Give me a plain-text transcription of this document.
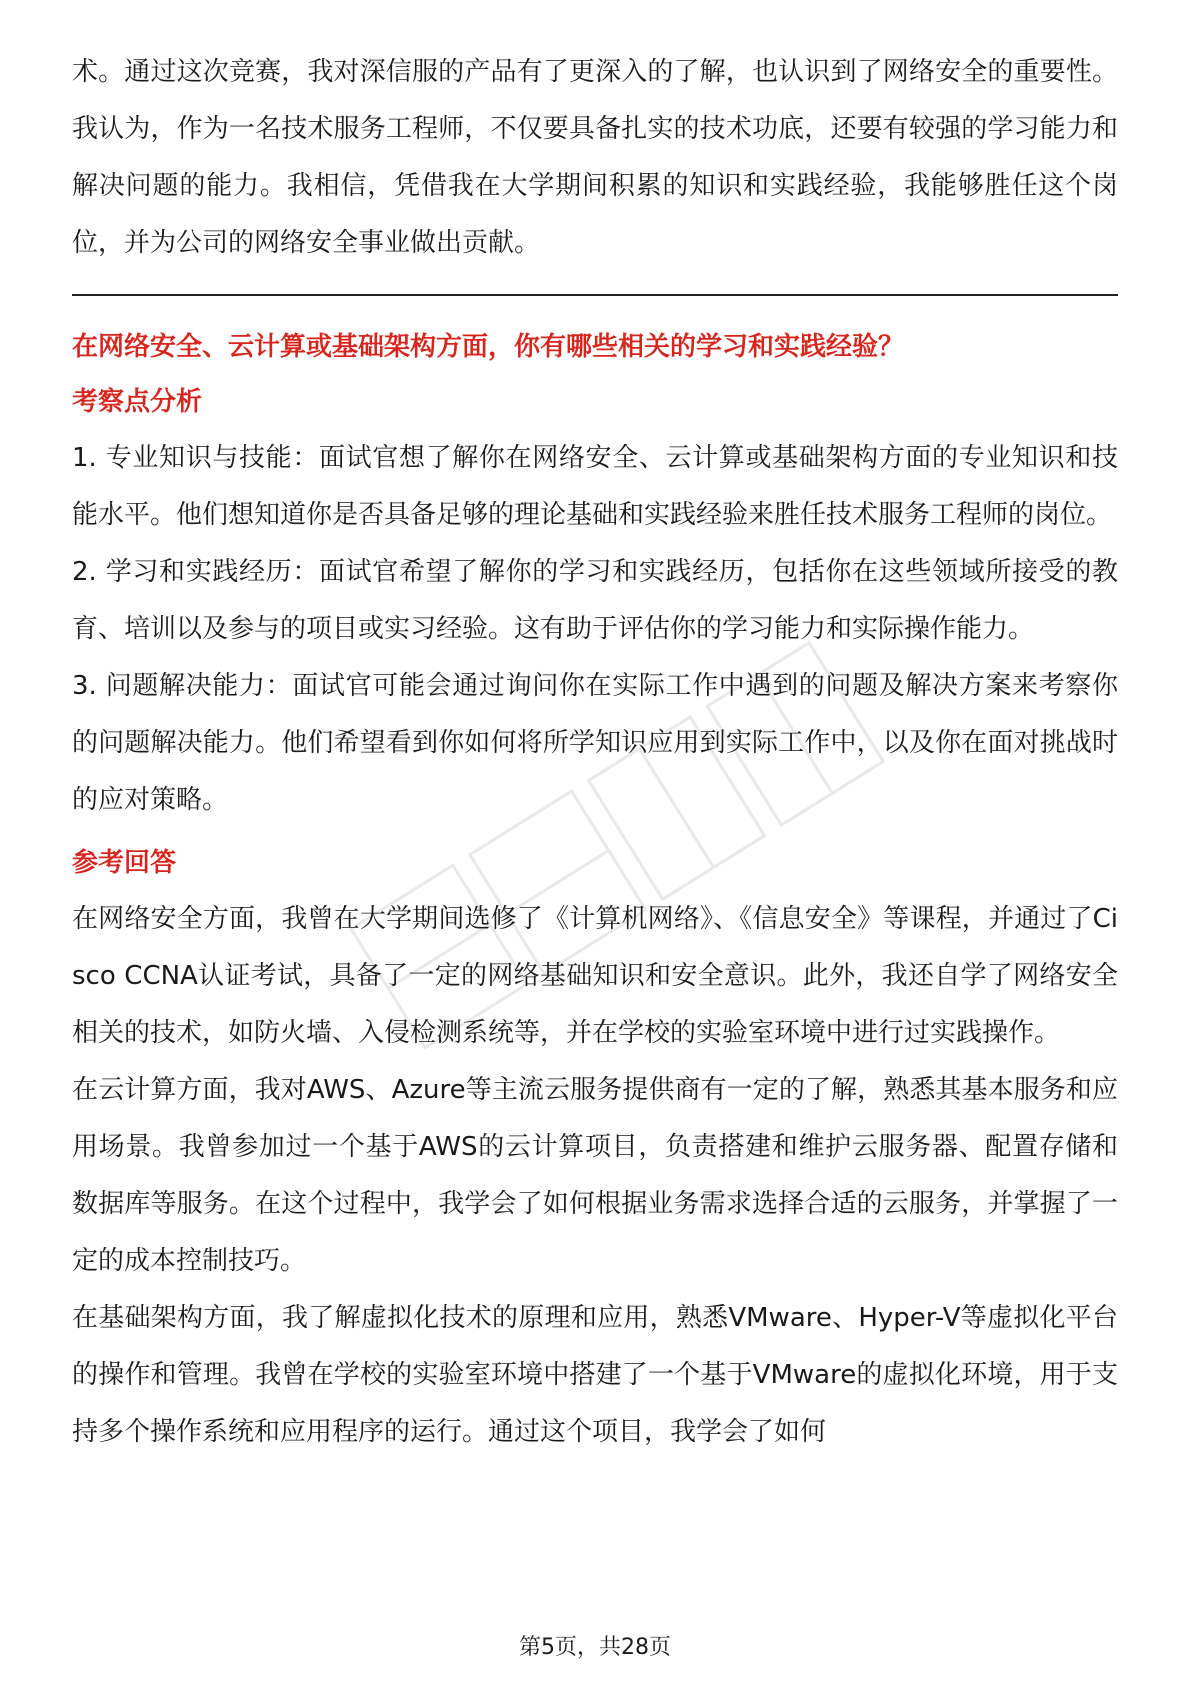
术。通过这次竞赛，我对深信服的产品有了更深入的了解，也认识到了网络安全的重要性。我认为，作为一名技术服务工程师，不仅要具备扎实的技术功底，还要有较强的学习能力和解决问题的能力。我相信，凭借我在大学期间积累的知识和实践经验，我能够胜任这个岗位，并为公司的网络安全事业做出贡献。

在网络安全、云计算或基础架构方面，你有哪些相关的学习和实践经验？

考察点分析

1. 专业知识与技能：面试官想了解你在网络安全、云计算或基础架构方面的专业知识和技能水平。他们想知道你是否具备足够的理论基础和实践经验来胜任技术服务工程师的岗位。

2. 学习和实践经历：面试官希望了解你的学习和实践经历，包括你在这些领域所接受的教育、培训以及参与的项目或实习经验。这有助于评估你的学习能力和实际操作能力。

3. 问题解决能力：面试官可能会通过询问你在实际工作中遇到的问题及解决方案来考察你的问题解决能力。他们希望看到你如何将所学知识应用到实际工作中，以及你在面对挑战时的应对策略。

参考回答

在网络安全方面，我曾在大学期间选修了《计算机网络》、《信息安全》等课程，并通过了Cisco CCNA认证考试，具备了一定的网络基础知识和安全意识。此外，我还自学了网络安全相关的技术，如防火墙、入侵检测系统等，并在学校的实验室环境中进行过实践操作。

在云计算方面，我对AWS、Azure等主流云服务提供商有一定的了解，熟悉其基本服务和应用场景。我曾参加过一个基于AWS的云计算项目，负责搭建和维护云服务器、配置存储和数据库等服务。在这个过程中，我学会了如何根据业务需求选择合适的云服务，并掌握了一定的成本控制技巧。

在基础架构方面，我了解虚拟化技术的原理和应用，熟悉VMware、Hyper-V等虚拟化平台的操作和管理。我曾在学校的实验室环境中搭建了一个基于VMware的虚拟化环境，用于支持多个操作系统和应用程序的运行。通过这个项目，我学会了如何

第5页，共28页
